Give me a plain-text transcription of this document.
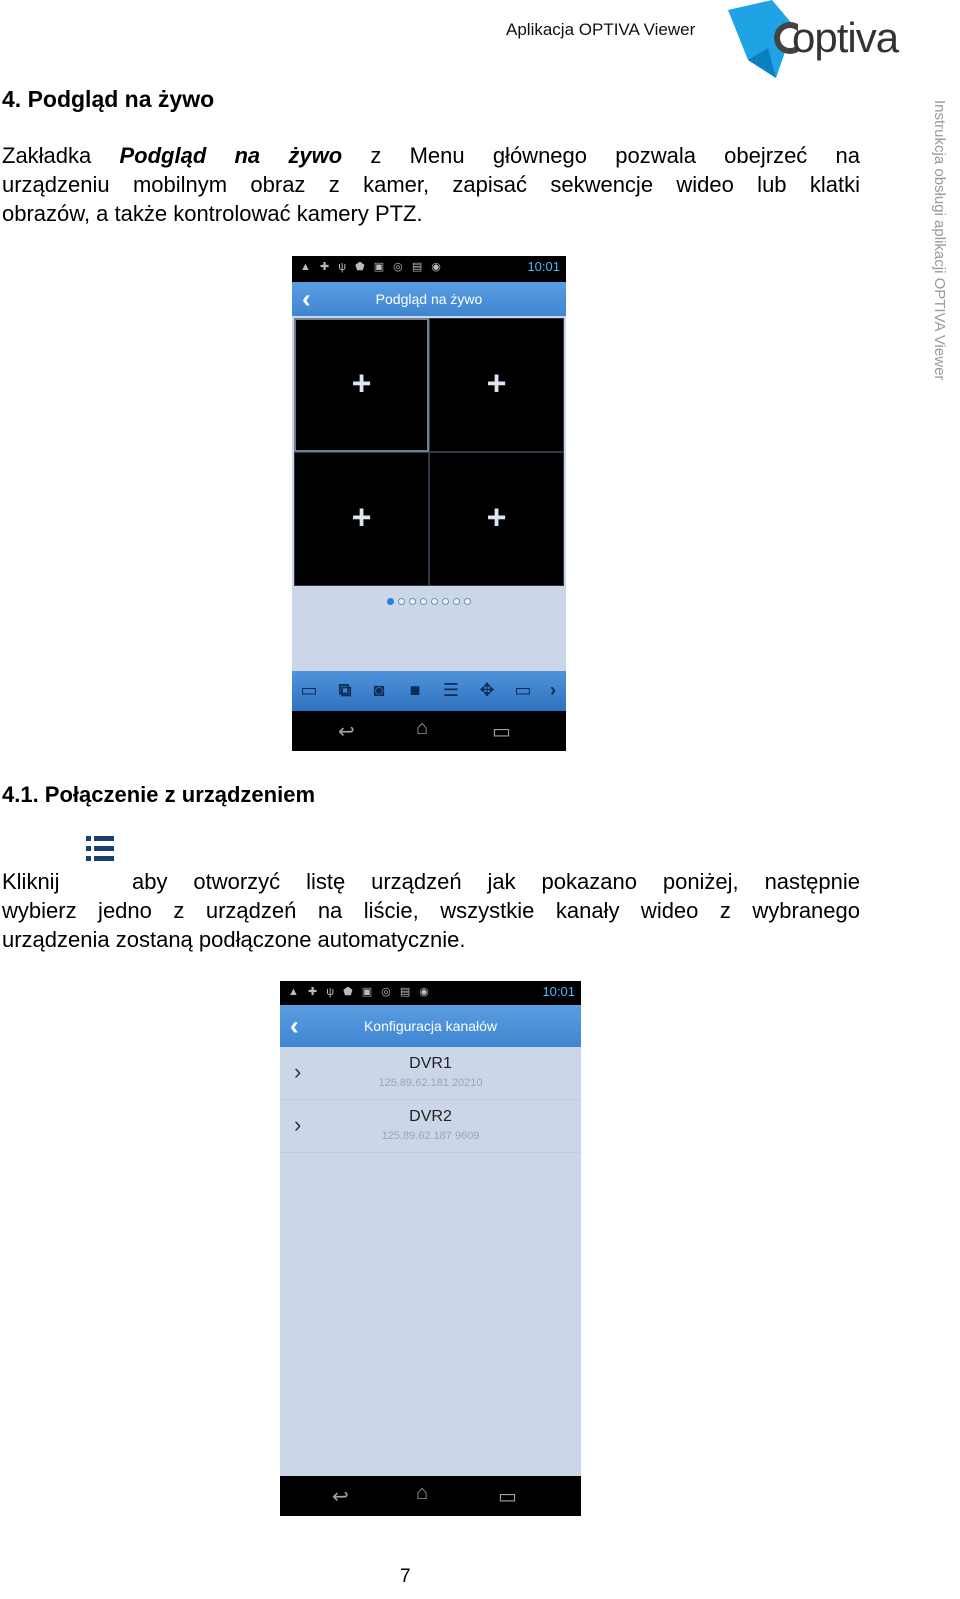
Aplikacja OPTIVA Viewer optiva
Instrukcja obsługi aplikacji OPTIVA Viewer
4. Podgląd na żywo
Zakładka Podgląd na żywo z Menu głównego pozwala obejrzeć na
urządzeniu mobilnym obraz z kamer, zapisać sekwencje wideo lub klatki
obrazów, a także kontrolować kamery PTZ.
▲ ✚ ψ ⬟ ▣ ◎ ▤ ◉	10:01
‹	Podgląd na żywo
+	+
+	+
▭	⧉	◙	■	☰	✥	▭	›
↩	⌂	▭
4.1. Połączenie z urządzeniem
Kliknij	aby otworzyć listę urządzeń jak pokazano poniżej, następnie
wybierz jedno z urządzeń na liście, wszystkie kanały wideo z wybranego
urządzenia zostaną podłączone automatycznie.
▲ ✚ ψ ⬟ ▣ ◎ ▤ ◉	10:01
‹	Konfiguracja kanałów
›	DVR1
125.89.62.181 20210
›	DVR2
125.89.62.187 9609
↩	⌂	▭
7
